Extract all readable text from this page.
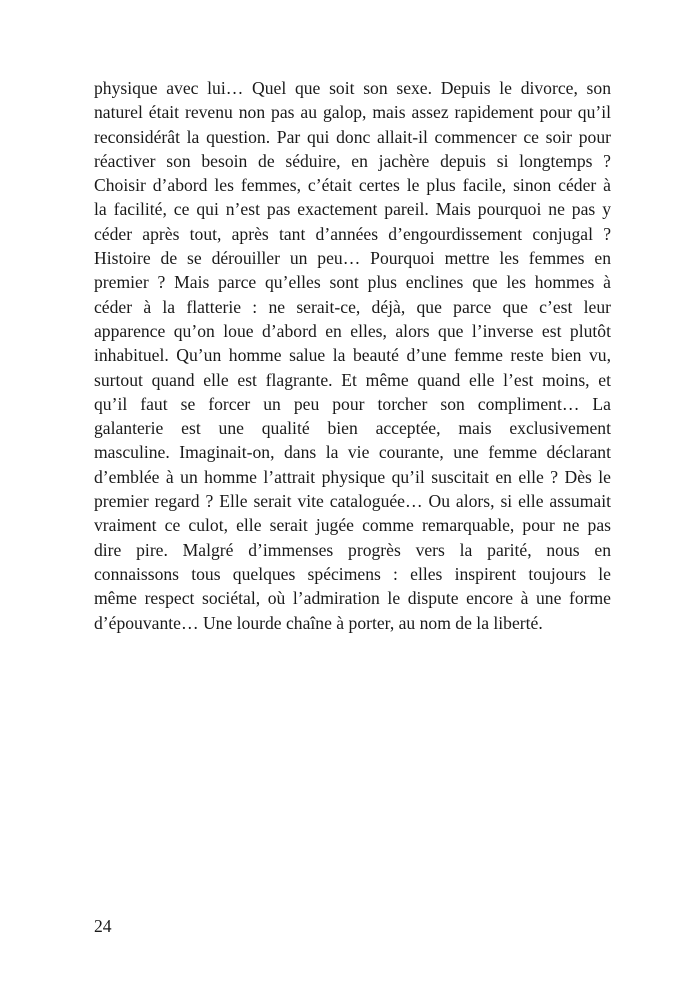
physique avec lui… Quel que soit son sexe. Depuis le divorce, son
naturel était revenu non pas au galop, mais assez rapidement pour qu’il
reconsidérât la question. Par qui donc allait-il commencer ce soir pour
réactiver son besoin de séduire, en jachère depuis si longtemps ?
Choisir d’abord les femmes, c’était certes le plus facile, sinon céder à
la facilité, ce qui n’est pas exactement pareil. Mais pourquoi ne pas y
céder après tout, après tant d’années d’engourdissement conjugal ?
Histoire de se dérouiller un peu… Pourquoi mettre les femmes en
premier ? Mais parce qu’elles sont plus enclines que les hommes à
céder à la flatterie : ne serait-ce, déjà, que parce que c’est leur
apparence qu’on loue d’abord en elles, alors que l’inverse est plutôt
inhabituel. Qu’un homme salue la beauté d’une femme reste bien vu,
surtout quand elle est flagrante. Et même quand elle l’est moins, et
qu’il faut se forcer un peu pour torcher son compliment… La
galanterie est une qualité bien acceptée, mais exclusivement
masculine. Imaginait-on, dans la vie courante, une femme déclarant
d’emblée à un homme l’attrait physique qu’il suscitait en elle ? Dès le
premier regard ? Elle serait vite cataloguée… Ou alors, si elle assumait
vraiment ce culot, elle serait jugée comme remarquable, pour ne pas
dire pire. Malgré d’immenses progrès vers la parité, nous en
connaissons tous quelques spécimens : elles inspirent toujours le
même respect sociétal, où l’admiration le dispute encore à une forme
d’épouvante… Une lourde chaîne à porter, au nom de la liberté.
24
